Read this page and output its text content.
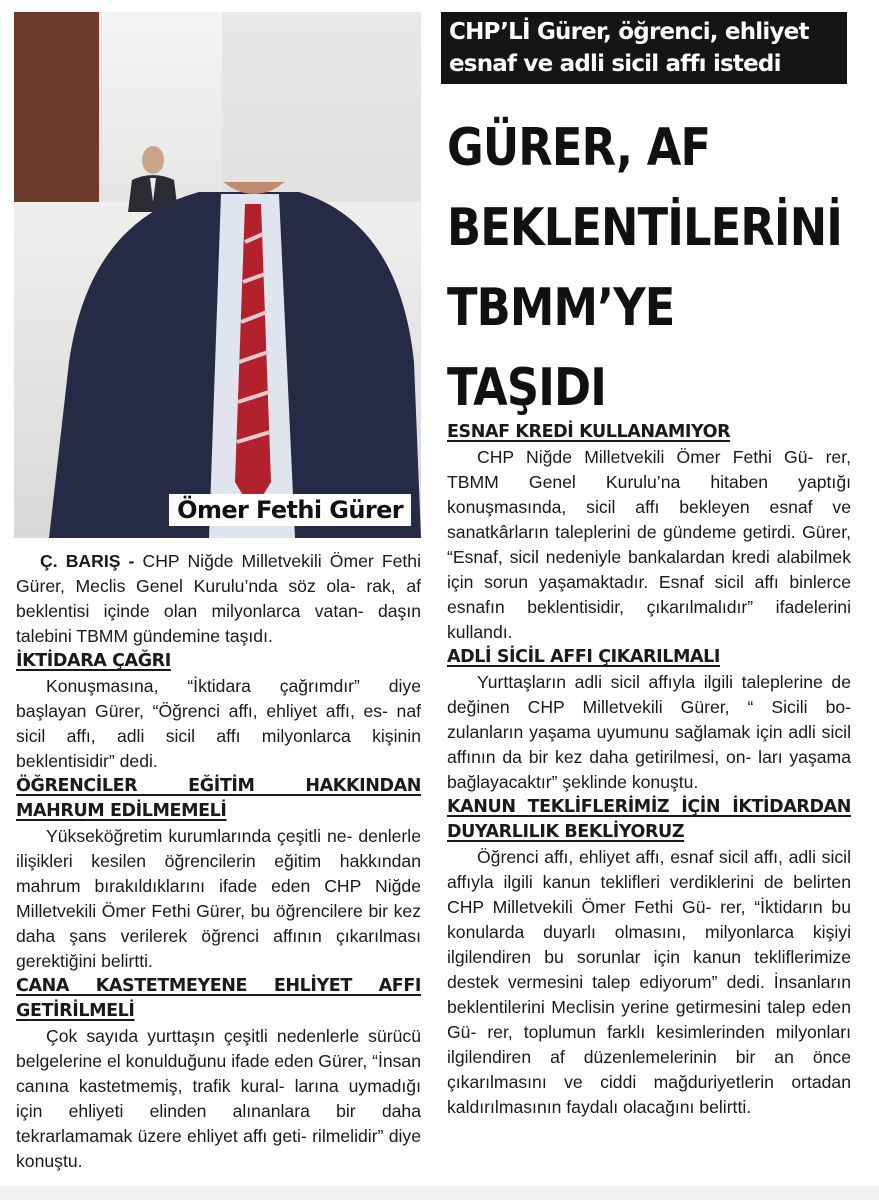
Ömer Fethi Gürer
CHP’Lİ Gürer, öğrenci, ehliyet esnaf ve adli sicil affı istedi
GÜRER, AF
BEKLENTİLERİNİ
TBMM’YE
TAŞIDI

Ç. BARIŞ - CHP Niğde Milletvekili Ömer Fethi Gürer, Meclis Genel Kurulu’nda söz ola- rak, af beklentisi içinde olan milyonlarca vatan- daşın talebini TBMM gündemine taşıdı.

İKTİDARA ÇAĞRI

Konuşmasına, “İktidara çağrımdır” diye başlayan Gürer, “Öğrenci affı, ehliyet affı, es- naf sicil affı, adli sicil affı milyonlarca kişinin beklentisidir” dedi.

ÖĞRENCİLER EĞİTİM HAKKINDAN MAHRUM EDİLMEMELİ

Yükseköğretim kurumlarında çeşitli ne- denlerle ilişikleri kesilen öğrencilerin eğitim hakkından mahrum bırakıldıklarını ifade eden CHP Niğde Milletvekili Ömer Fethi Gürer, bu öğrencilere bir kez daha şans verilerek öğrenci affının çıkarılması gerektiğini belirtti.

CANA KASTETMEYENE EHLİYET AFFI GETİRİLMELİ

Çok sayıda yurttaşın çeşitli nedenlerle sürücü belgelerine el konulduğunu ifade eden Gürer, “İnsan canına kastetmemiş, trafik kural- larına uymadığı için ehliyeti elinden alınanlara bir daha tekrarlamamak üzere ehliyet affı geti- rilmelidir” diye konuştu.

ESNAF KREDİ KULLANAMIYOR

CHP Niğde Milletvekili Ömer Fethi Gü- rer, TBMM Genel Kurulu’na hitaben yaptığı konuşmasında, sicil affı bekleyen esnaf ve sanatkârların taleplerini de gündeme getirdi. Gürer, “Esnaf, sicil nedeniyle bankalardan kredi alabilmek için sorun yaşamaktadır. Esnaf sicil affı binlerce esnafın beklentisidir, çıkarılmalıdır” ifadelerini kullandı.

ADLİ SİCİL AFFI ÇIKARILMALI

Yurttaşların adli sicil affıyla ilgili taleplerine de değinen CHP Milletvekili Gürer, “ Sicili bo- zulanların yaşama uyumunu sağlamak için adli sicil affının da bir kez daha getirilmesi, on- ları yaşama bağlayacaktır” şeklinde konuştu.

KANUN TEKLİFLERİMİZ İÇİN İKTİDARDAN DUYARLILIK BEKLİYORUZ

Öğrenci affı, ehliyet affı, esnaf sicil affı, adli sicil affıyla ilgili kanun teklifleri verdiklerini de belirten CHP Milletvekili Ömer Fethi Gü- rer, “İktidarın bu konularda duyarlı olmasını, milyonlarca kişiyi ilgilendiren bu sorunlar için kanun tekliflerimize destek vermesini talep ediyorum” dedi. İnsanların beklentilerini Meclisin yerine getirmesini talep eden Gü- rer, toplumun farklı kesimlerinden milyonları ilgilendiren af düzenlemelerinin bir an önce çıkarılmasını ve ciddi mağduriyetlerin ortadan kaldırılmasının faydalı olacağını belirtti.
